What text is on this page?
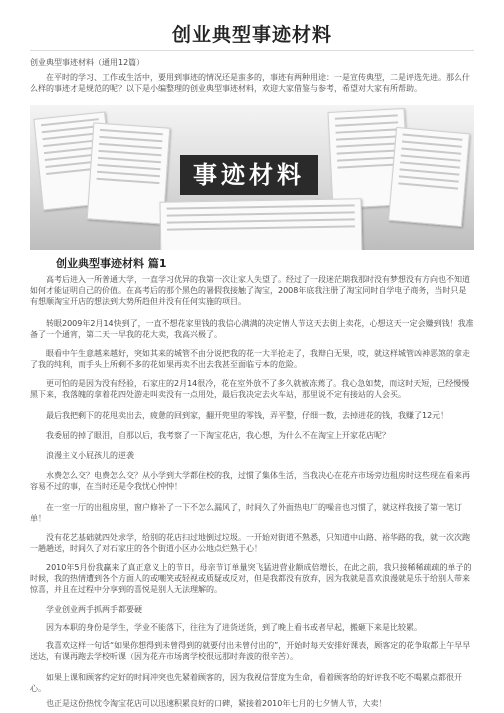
创业典型事迹材料
创业典型事迹材料（通用12篇）
在平时的学习、工作或生活中，要用到事迹的情况还是蛮多的，事迹有两种用途：一是宣传典型，二是评选先进。那么什么样的事迹才是规范的呢？以下是小编整理的创业典型事迹材料，欢迎大家借鉴与参考，希望对大家有所帮助。
事迹材料
创业典型事迹材料 篇1
高考后进入一所普通大学，一直学习优异的我第一次让家人失望了。经过了一段迷茫期我那时没有梦想没有方向也不知道如何才能证明自己的价值。在高考后的那个黑色的暑假我接触了淘宝，2008年底我注册了淘宝同时自学电子商务，当时只是有想顺淘宝开店的想法到大势所趋但并没有任何实施的项目。
转眼2009年2月14快到了，一直不想花家里钱的我信心满满的决定情人节这天去街上卖花，心想这天一定会赚到钱！我准备了一个通宵，第二天一早我的花大卖，我高兴极了。
眼看中午生意越来越好，突如其来的城管不由分说把我的花一大半抢走了，我辩白无果，哎，就这样城管凶神恶煞的拿走了我的纯利，而手头上所剩不多的花如果再卖不出去我甚至面临亏本的危险。
更可怕的是因为没有经验，石家庄的2月14很冷，花在室外放不了多久就被冻蔫了。我心急如焚，而这时天短，已经慢慢黑下来，我落魄的拿着花四处游走叫卖没有一点用处，最后我决定去火车站，那里说不定有接站的人会买。
最后我把剩下的花甩卖出去，疲惫的回到家，翻开兜里的零钱，弄平整，仔细一数，去掉进花的钱，我赚了12元！
我委屈的掉了眼泪，自那以后，我考察了一下淘宝花店，我心想，为什么不在淘宝上开家花店呢？
浪漫主义小屁孩儿的逆袭
水费怎么交？电费怎么交？从小学到大学都住校的我，过惯了集体生活，当我决心在花卉市场旁边租房时这些现在看来再容易不过的事，在当时还是令我忧心忡忡！
在一室一厅的出租房里，窗户修补了一下不怎么漏风了，时间久了外面热电厂的噪音也习惯了，就这样我接了第一笔订单！
没有花艺基础就四处求学，给别的花店扫过地倒过垃圾。一开始对街道不熟悉，只知道中山路、裕华路的我，就一次次跑一趟趟送，时间久了对石家庄的各个街道小区办公地点烂熟于心！
2010年5月份我赢来了真正意义上的节日，母亲节订单量突飞猛进营业额成倍增长，在此之前，我只接稀稀疏疏的单子的时候，我的热情遭到各个方面人的或嘲笑或轻视或质疑或反对，但是我都没有放弃，因为我就是喜欢浪漫就是乐于给别人带来惊喜，并且在过程中分享到的喜悦是别人无法理解的。
学业创业两手抓两手都要硬
因为本职的身份是学生，学业不能落下，往往为了进货送货，到了晚上看书或者早起，搬砸下来是比较累。
我喜欢这样一句话“如果你想得到未曾得到的就要付出未曾付出的”，开始时每天安排好课表，顾客定的花争取都上午早早送达，有课再跑去学校听课（因为花卉市场离学校很远那时奔波的很辛苦）。
如果上课和顾客约定好的时间冲突也先紧着顾客的，因为我视信誉度为生命，看着顾客给的好评我不吃不喝累点都很开心。
也正是这份热忱令淘宝花店可以迅速积累良好的口碑，紧接着2010年七月的七夕情人节，大卖！
